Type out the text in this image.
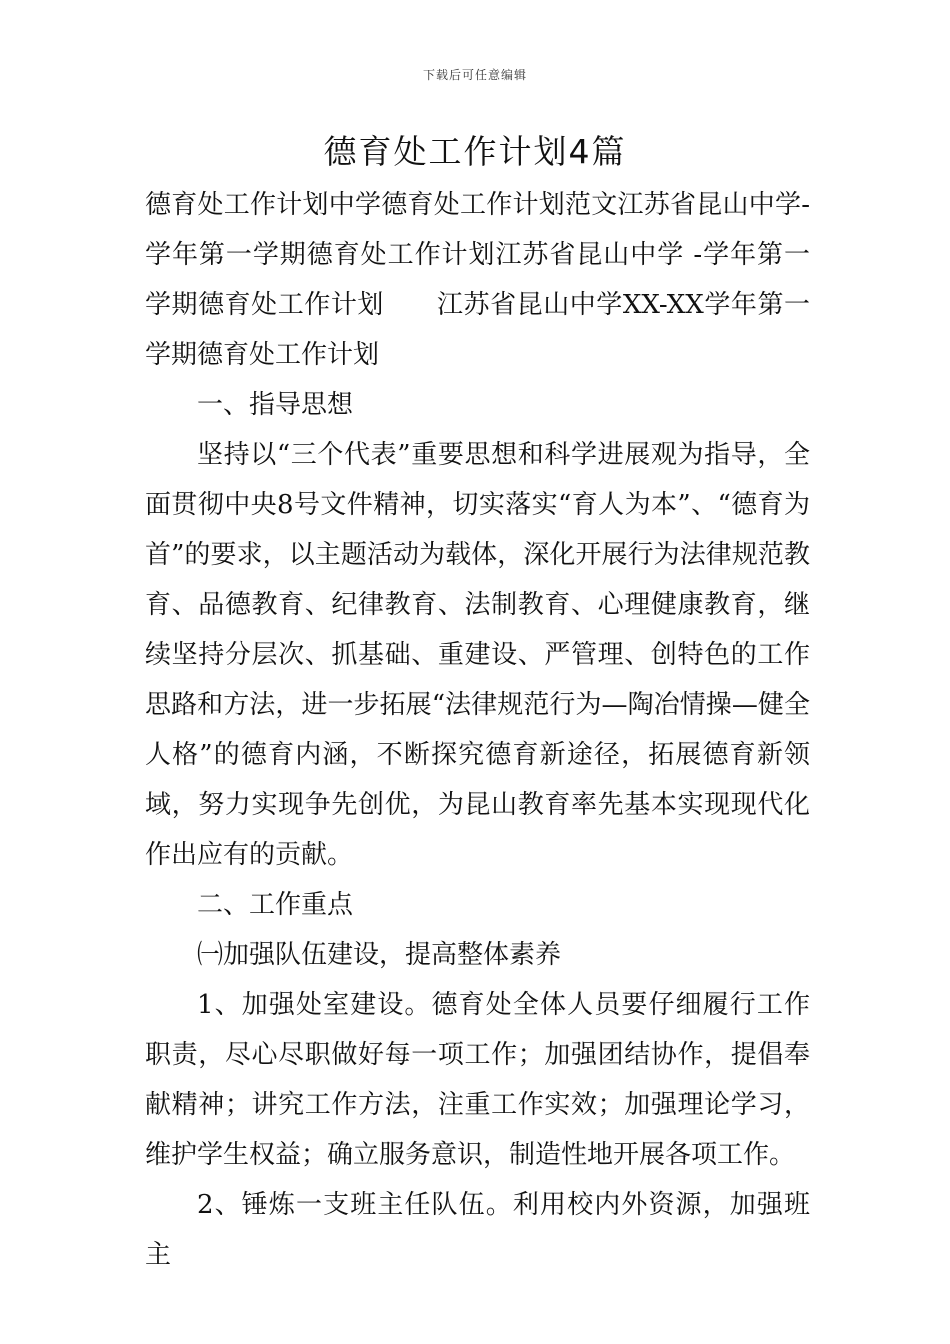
下载后可任意编辑
德育处工作计划4篇

德育处工作计划中学德育处工作计划范文江苏省昆山中学-学年第一学期德育处工作计划江苏省昆山中学 -学年第一学期德育处工作计划　　江苏省昆山中学XX-XX学年第一学期德育处工作计划

一、指导思想

坚持以“三个代表”重要思想和科学进展观为指导，全面贯彻中央8号文件精神，切实落实“育人为本”、“德育为首”的要求，以主题活动为载体，深化开展行为法律规范教育、品德教育、纪律教育、法制教育、心理健康教育，继续坚持分层次、抓基础、重建设、严管理、创特色的工作思路和方法，进一步拓展“法律规范行为—陶冶情操—健全人格”的德育内涵，不断探究德育新途径，拓展德育新领域，努力实现争先创优，为昆山教育率先基本实现现代化作出应有的贡献。

二、工作重点

㈠加强队伍建设，提高整体素养

1、加强处室建设。德育处全体人员要仔细履行工作职责，尽心尽职做好每一项工作；加强团结协作，提倡奉献精神；讲究工作方法，注重工作实效；加强理论学习，维护学生权益；确立服务意识，制造性地开展各项工作。

2、锤炼一支班主任队伍。利用校内外资源，加强班主
